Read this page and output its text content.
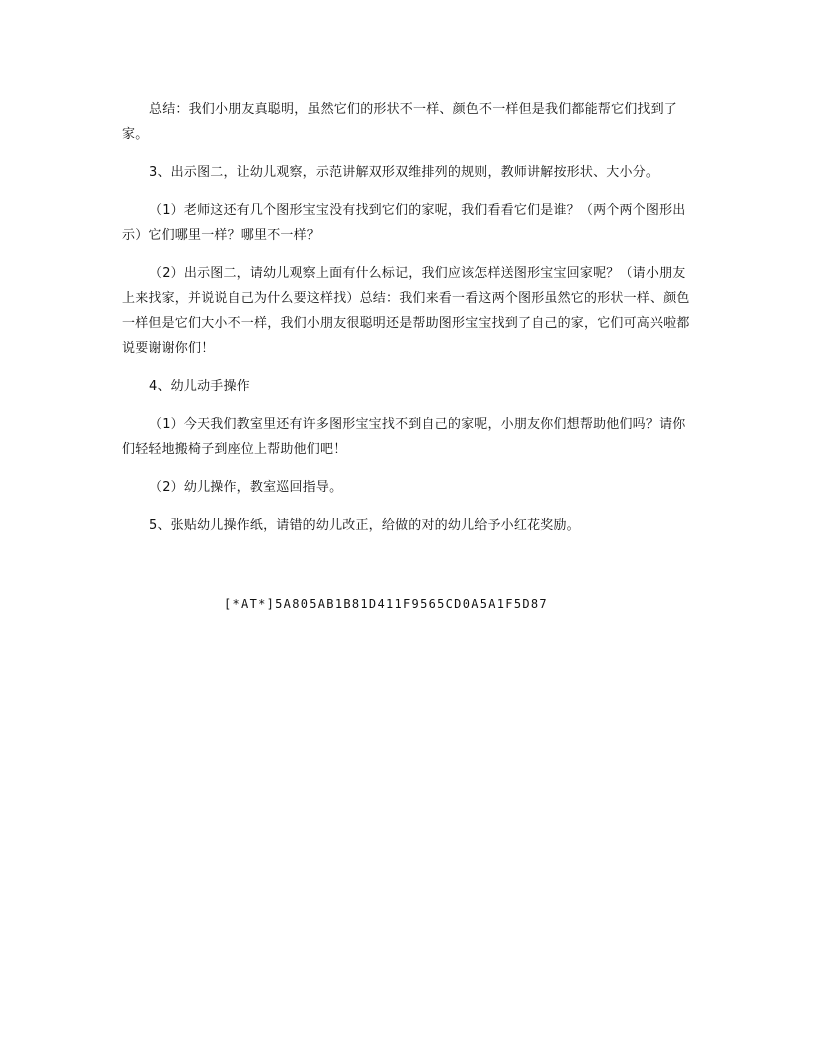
总结：我们小朋友真聪明，虽然它们的形状不一样、颜色不一样但是我们都能帮它们找到了家。

3、出示图二，让幼儿观察，示范讲解双形双维排列的规则，教师讲解按形状、大小分。

（1）老师这还有几个图形宝宝没有找到它们的家呢，我们看看它们是谁？（两个两个图形出示）它们哪里一样？哪里不一样？

（2）出示图二，请幼儿观察上面有什么标记，我们应该怎样送图形宝宝回家呢？（请小朋友上来找家，并说说自己为什么要这样找）总结：我们来看一看这两个图形虽然它的形状一样、颜色一样但是它们大小不一样，我们小朋友很聪明还是帮助图形宝宝找到了自己的家，它们可高兴啦都说要谢谢你们！

4、幼儿动手操作

（1）今天我们教室里还有许多图形宝宝找不到自己的家呢，小朋友你们想帮助他们吗？请你们轻轻地搬椅子到座位上帮助他们吧！

（2）幼儿操作，教室巡回指导。

5、张贴幼儿操作纸，请错的幼儿改正，给做的对的幼儿给予小红花奖励。

[*AT*]5A805AB1B81D411F9565CD0A5A1F5D87
